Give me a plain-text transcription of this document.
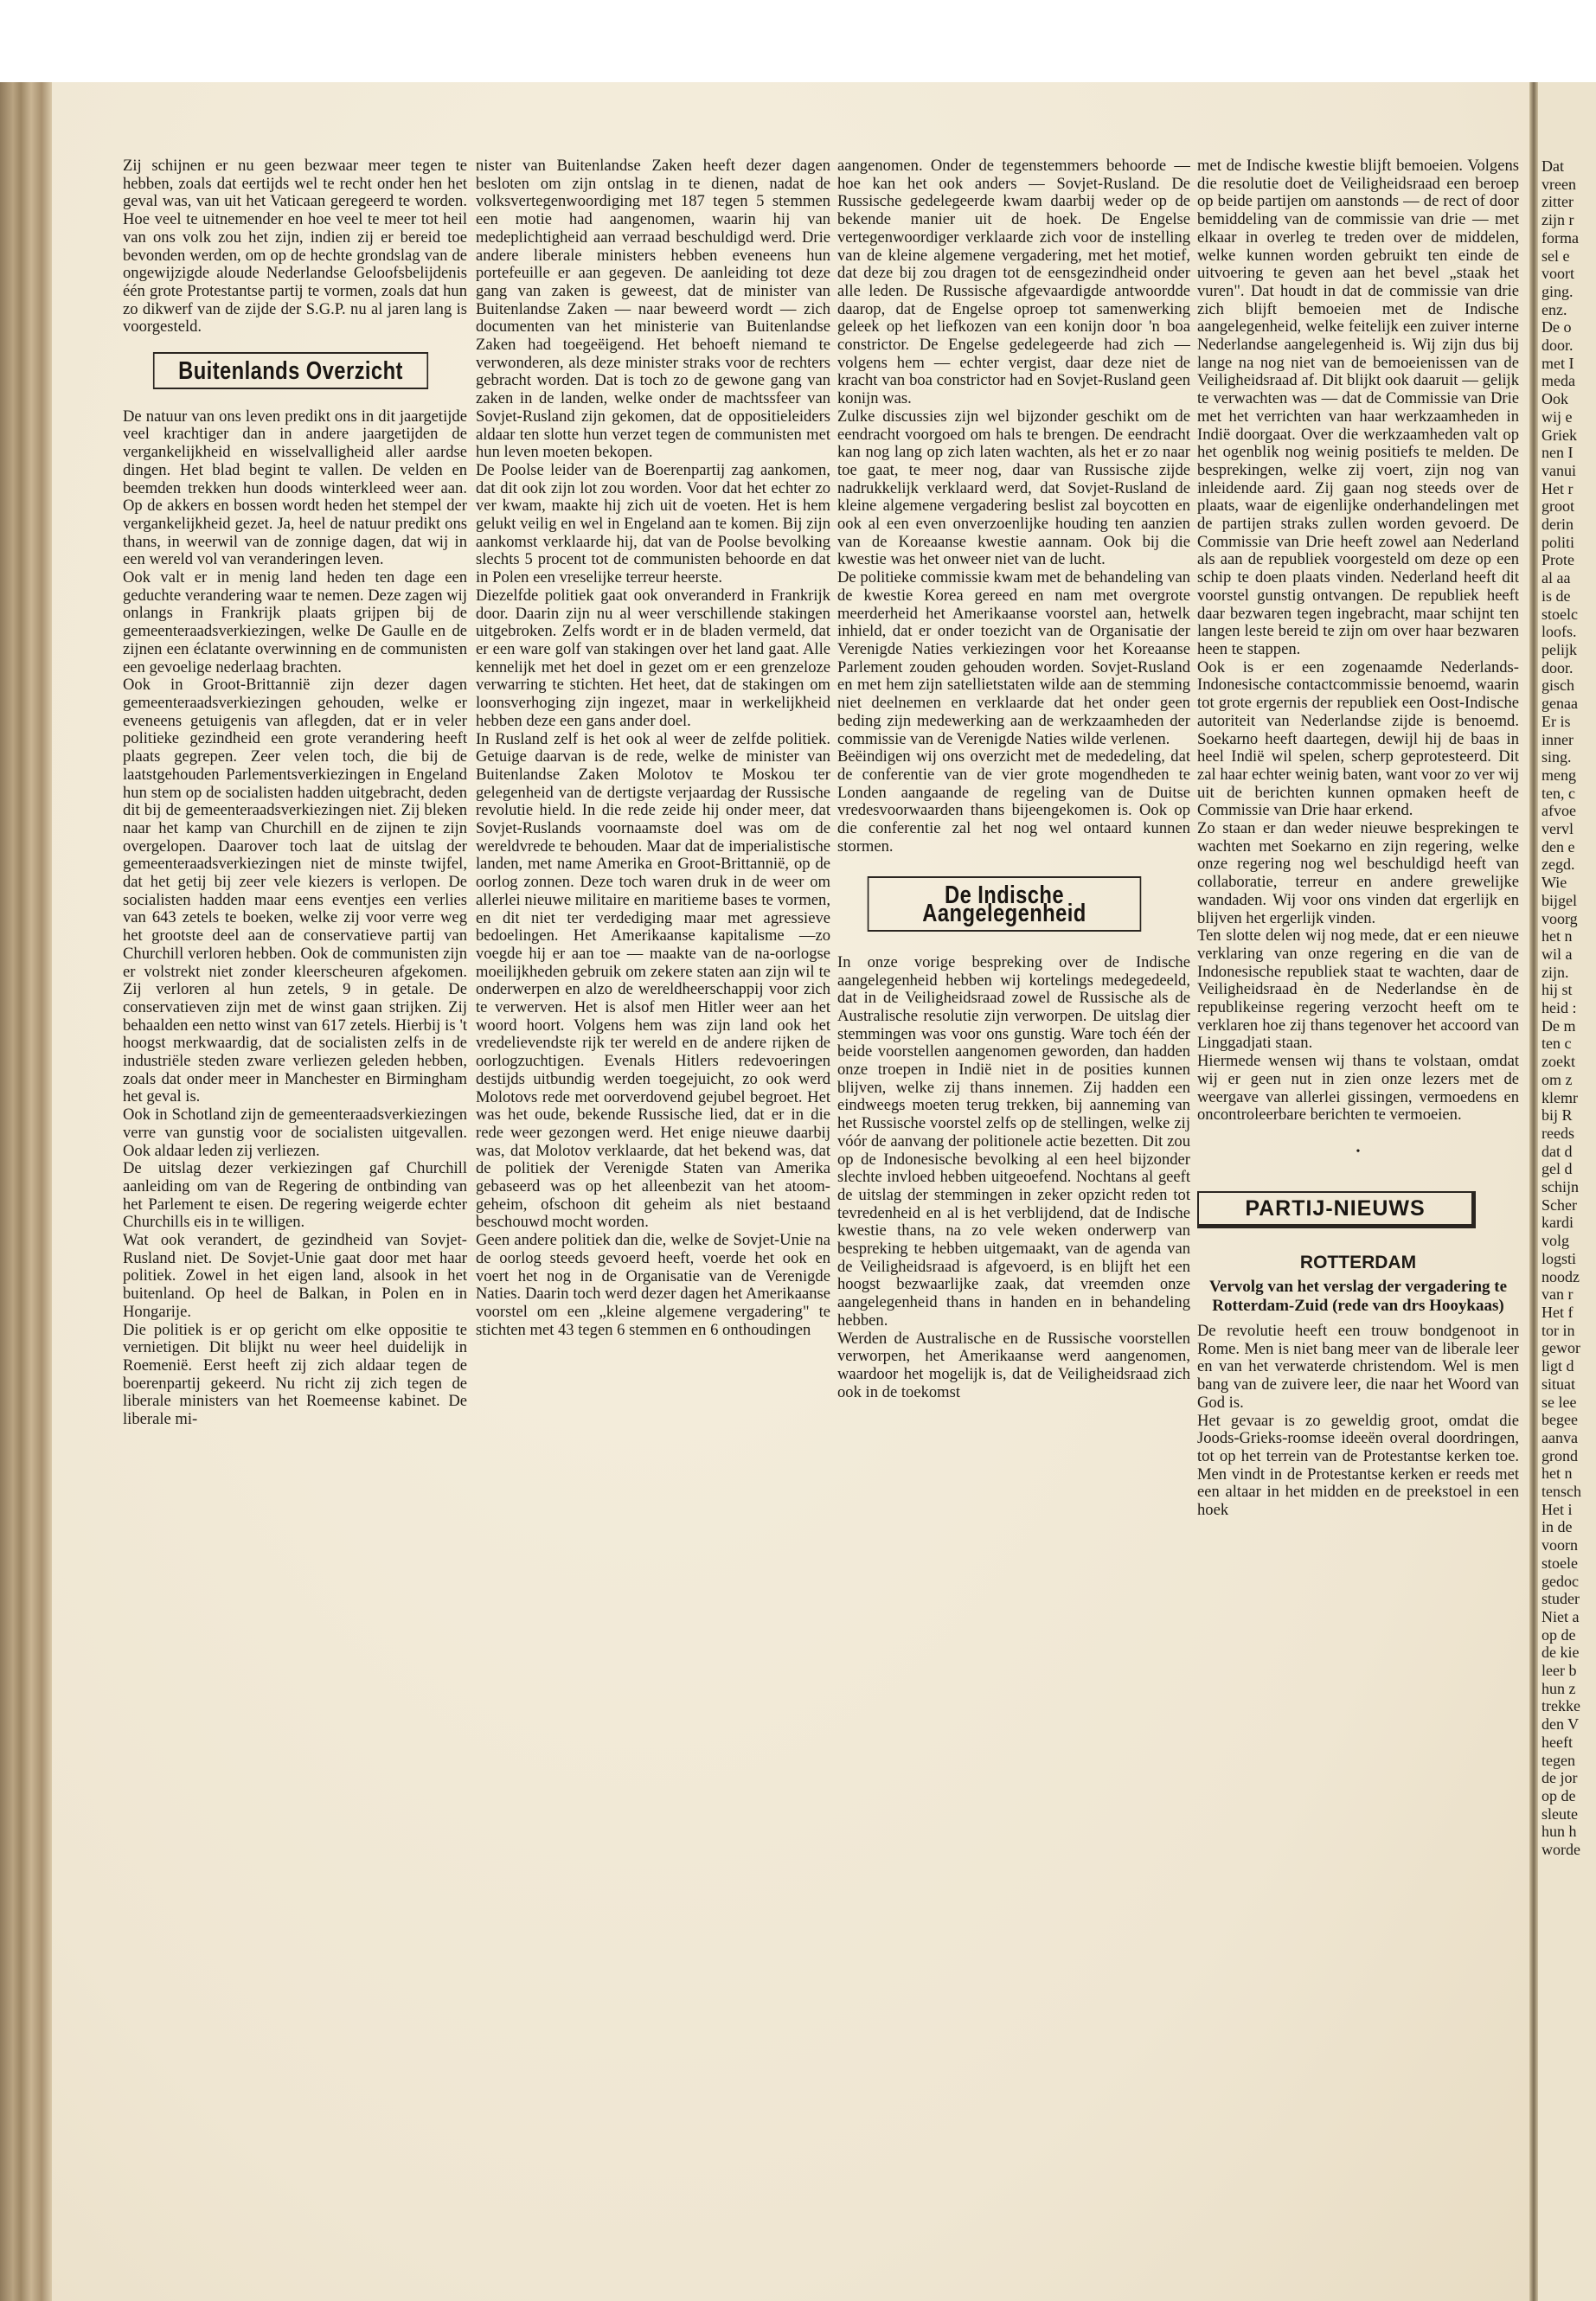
Zij schijnen er nu geen bezwaar meer tegen te hebben, zoals dat eertijds wel te recht onder hen het geval was, van uit het Vaticaan geregeerd te worden. Hoe veel te uitnemender en hoe veel te meer tot heil van ons volk zou het zijn, indien zij er bereid toe bevonden werden, om op de hechte grondslag van de ongewijzigde aloude Nederlandse Geloofsbelijdenis één grote Protestantse partij te vormen, zoals dat hun zo dikwerf van de zijde der S.G.P. nu al jaren lang is voorgesteld.

Buitenlands Overzicht

De natuur van ons leven predikt ons in dit jaargetijde veel krachtiger dan in andere jaargetijden de vergankelijkheid en wisselvalligheid aller aardse dingen. Het blad begint te vallen. De velden en beemden trekken hun doods winterkleed weer aan. Op de akkers en bossen wordt heden het stempel der vergankelijkheid gezet. Ja, heel de natuur predikt ons thans, in weerwil van de zonnige dagen, dat wij in een wereld vol van veranderingen leven.

Ook valt er in menig land heden ten dage een geduchte verandering waar te nemen. Deze zagen wij onlangs in Frankrijk plaats grijpen bij de gemeenteraadsverkiezingen, welke De Gaulle en de zijnen een éclatante overwinning en de communisten een gevoelige nederlaag brachten.

Ook in Groot-Brittannië zijn dezer dagen gemeenteraadsverkiezingen gehouden, welke er eveneens getuigenis van aflegden, dat er in veler politieke gezindheid een grote verandering heeft plaats gegrepen. Zeer velen toch, die bij de laatstgehouden Parlementsverkiezingen in Engeland hun stem op de socialisten hadden uitgebracht, deden dit bij de gemeenteraadsverkiezingen niet. Zij bleken naar het kamp van Churchill en de zijnen te zijn overgelopen. Daarover toch laat de uitslag der gemeenteraadsverkiezingen niet de minste twijfel, dat het getij bij zeer vele kiezers is verlopen. De socialisten hadden maar eens eventjes een verlies van 643 zetels te boeken, welke zij voor verre weg het grootste deel aan de conservatieve partij van Churchill verloren hebben. Ook de communisten zijn er volstrekt niet zonder kleerscheuren afgekomen. Zij verloren al hun zetels, 9 in getale. De conservatieven zijn met de winst gaan strijken. Zij behaalden een netto winst van 617 zetels. Hierbij is 't hoogst merkwaardig, dat de socialisten zelfs in de industriële steden zware verliezen geleden hebben, zoals dat onder meer in Manchester en Birmingham het geval is.

Ook in Schotland zijn de gemeenteraadsverkiezingen verre van gunstig voor de socialisten uitgevallen. Ook aldaar leden zij verliezen.

De uitslag dezer verkiezingen gaf Churchill aanleiding om van de Regering de ontbinding van het Parlement te eisen. De regering weigerde echter Churchills eis in te willigen.

Wat ook verandert, de gezindheid van Sovjet-Rusland niet. De Sovjet-Unie gaat door met haar politiek. Zowel in het eigen land, alsook in het buitenland. Op heel de Balkan, in Polen en in Hongarije.

Die politiek is er op gericht om elke oppositie te vernietigen. Dit blijkt nu weer heel duidelijk in Roemenië. Eerst heeft zij zich aldaar tegen de boerenpartij gekeerd. Nu richt zij zich tegen de liberale ministers van het Roemeense kabinet. De liberale mi-

nister van Buitenlandse Zaken heeft dezer dagen besloten om zijn ontslag in te dienen, nadat de volksvertegenwoordiging met 187 tegen 5 stemmen een motie had aangenomen, waarin hij van medeplichtigheid aan verraad beschuldigd werd. Drie andere liberale ministers hebben eveneens hun portefeuille er aan gegeven. De aanleiding tot deze gang van zaken is geweest, dat de minister van Buitenlandse Zaken — naar beweerd wordt — zich documenten van het ministerie van Buitenlandse Zaken had toegeëigend. Het behoeft niemand te verwonderen, als deze minister straks voor de rechters gebracht worden. Dat is toch zo de gewone gang van zaken in de landen, welke onder de machtssfeer van Sovjet-Rusland zijn gekomen, dat de oppositieleiders aldaar ten slotte hun verzet tegen de communisten met hun leven moeten bekopen.

De Poolse leider van de Boerenpartij zag aankomen, dat dit ook zijn lot zou worden. Voor dat het echter zo ver kwam, maakte hij zich uit de voeten. Het is hem gelukt veilig en wel in Engeland aan te komen. Bij zijn aankomst verklaarde hij, dat van de Poolse bevolking slechts 5 procent tot de communisten behoorde en dat in Polen een vreselijke terreur heerste.

Diezelfde politiek gaat ook onveranderd in Frankrijk door. Daarin zijn nu al weer verschillende stakingen uitgebroken. Zelfs wordt er in de bladen vermeld, dat er een ware golf van stakingen over het land gaat. Alle kennelijk met het doel in gezet om er een grenzeloze verwarring te stichten. Het heet, dat de stakingen om loonsverhoging zijn ingezet, maar in werkelijkheid hebben deze een gans ander doel.

In Rusland zelf is het ook al weer de zelfde politiek. Getuige daarvan is de rede, welke de minister van Buitenlandse Zaken Molotov te Moskou ter gelegenheid van de dertigste verjaardag der Russische revolutie hield. In die rede zeide hij onder meer, dat Sovjet-Ruslands voornaamste doel was om de wereldvrede te behouden. Maar dat de imperialistische landen, met name Amerika en Groot-Brittannië, op de oorlog zonnen. Deze toch waren druk in de weer om allerlei nieuwe militaire en maritieme bases te vormen, en dit niet ter verdediging maar met agressieve bedoelingen. Het Amerikaanse kapitalisme —zo voegde hij er aan toe — maakte van de na-oorlogse moeilijkheden gebruik om zekere staten aan zijn wil te onderwerpen en alzo de wereldheerschappij voor zich te verwerven. Het is alsof men Hitler weer aan het woord hoort. Volgens hem was zijn land ook het vredelievendste rijk ter wereld en de andere rijken de oorlogzuchtigen. Evenals Hitlers redevoeringen destijds uitbundig werden toegejuicht, zo ook werd Molotovs rede met oorverdovend gejubel begroet. Het was het oude, bekende Russische lied, dat er in die rede weer gezongen werd. Het enige nieuwe daarbij was, dat Molotov verklaarde, dat het bekend was, dat de politiek der Verenigde Staten van Amerika gebaseerd was op het alleenbezit van het atoom-geheim, ofschoon dit geheim als niet bestaand beschouwd mocht worden.

Geen andere politiek dan die, welke de Sovjet-Unie na de oorlog steeds gevoerd heeft, voerde het ook en voert het nog in de Organisatie van de Verenigde Naties. Daarin toch werd dezer dagen het Amerikaanse voorstel om een „kleine algemene vergadering" te stichten met 43 tegen 6 stemmen en 6 onthoudingen

aangenomen. Onder de tegenstemmers behoorde — hoe kan het ook anders — Sovjet-Rusland. De Russische gedelegeerde kwam daarbij weder op de bekende manier uit de hoek. De Engelse vertegenwoordiger verklaarde zich voor de instelling van de kleine algemene vergadering, met het motief, dat deze bij zou dragen tot de eensgezindheid onder alle leden. De Russische afgevaardigde antwoordde daarop, dat de Engelse oproep tot samenwerking geleek op het liefkozen van een konijn door 'n boa constrictor. De Engelse gedelegeerde had zich — volgens hem — echter vergist, daar deze niet de kracht van boa constrictor had en Sovjet-Rusland geen konijn was.

Zulke discussies zijn wel bijzonder geschikt om de eendracht voorgoed om hals te brengen. De eendracht kan nog lang op zich laten wachten, als het er zo naar toe gaat, te meer nog, daar van Russische zijde nadrukkelijk verklaard werd, dat Sovjet-Rusland de kleine algemene vergadering beslist zal boycotten en ook al een even onverzoenlijke houding ten aanzien van de Koreaanse kwestie aannam. Ook bij die kwestie was het onweer niet van de lucht.

De politieke commissie kwam met de behandeling van de kwestie Korea gereed en nam met overgrote meerderheid het Amerikaanse voorstel aan, hetwelk inhield, dat er onder toezicht van de Organisatie der Verenigde Naties verkiezingen voor het Koreaanse Parlement zouden gehouden worden. Sovjet-Rusland en met hem zijn satellietstaten wilde aan de stemming niet deelnemen en verklaarde dat het onder geen beding zijn medewerking aan de werkzaamheden der commissie van de Verenigde Naties wilde verlenen.

Beëindigen wij ons overzicht met de mededeling, dat de conferentie van de vier grote mogendheden te Londen aangaande de regeling van de Duitse vredesvoorwaarden thans bijeengekomen is. Ook op die conferentie zal het nog wel ontaard kunnen stormen.

De Indische Aangelegenheid

In onze vorige bespreking over de Indische aangelegenheid hebben wij kortelings medegedeeld, dat in de Veiligheidsraad zowel de Russische als de Australische resolutie zijn verworpen. De uitslag dier stemmingen was voor ons gunstig. Ware toch één der beide voorstellen aangenomen geworden, dan hadden onze troepen in Indië niet in de posities kunnen blijven, welke zij thans innemen. Zij hadden een eindweegs moeten terug trekken, bij aanneming van het Russische voorstel zelfs op de stellingen, welke zij vóór de aanvang der politionele actie bezetten. Dit zou op de Indonesische bevolking al een heel bijzonder slechte invloed hebben uitgeoefend. Nochtans al geeft de uitslag der stemmingen in zeker opzicht reden tot tevredenheid en al is het verblijdend, dat de Indische kwestie thans, na zo vele weken onderwerp van bespreking te hebben uitgemaakt, van de agenda van de Veiligheidsraad is afgevoerd, is en blijft het een hoogst bezwaarlijke zaak, dat vreemden onze aangelegenheid thans in handen en in behandeling hebben.

Werden de Australische en de Russische voorstellen verworpen, het Amerikaanse werd aangenomen, waardoor het mogelijk is, dat de Veiligheidsraad zich ook in de toekomst

met de Indische kwestie blijft bemoeien. Volgens die resolutie doet de Veiligheidsraad een beroep op beide partijen om aanstonds — de rect of door bemiddeling van de commissie van drie — met elkaar in overleg te treden over de middelen, welke kunnen worden gebruikt ten einde de uitvoering te geven aan het bevel „staak het vuren". Dat houdt in dat de commissie van drie zich blijft bemoeien met de Indische aangelegenheid, welke feitelijk een zuiver interne Nederlandse aangelegenheid is. Wij zijn dus bij lange na nog niet van de bemoeienissen van de Veiligheidsraad af. Dit blijkt ook daaruit — gelijk te verwachten was — dat de Commissie van Drie met het verrichten van haar werkzaamheden in Indië doorgaat. Over die werkzaamheden valt op het ogenblik nog weinig positiefs te melden. De besprekingen, welke zij voert, zijn nog van inleidende aard. Zij gaan nog steeds over de plaats, waar de eigenlijke onderhandelingen met de partijen straks zullen worden gevoerd. De Commissie van Drie heeft zowel aan Nederland als aan de republiek voorgesteld om deze op een schip te doen plaats vinden. Nederland heeft dit voorstel gunstig ontvangen. De republiek heeft daar bezwaren tegen ingebracht, maar schijnt ten langen leste bereid te zijn om over haar bezwaren heen te stappen.

Ook is er een zogenaamde Nederlands-Indonesische contactcommissie benoemd, waarin tot grote ergernis der republiek een Oost-Indische autoriteit van Nederlandse zijde is benoemd. Soekarno heeft daartegen, dewijl hij de baas in heel Indië wil spelen, scherp geprotesteerd. Dit zal haar echter weinig baten, want voor zo ver wij uit de berichten kunnen opmaken heeft de Commissie van Drie haar erkend.

Zo staan er dan weder nieuwe besprekingen te wachten met Soekarno en zijn regering, welke onze regering nog wel beschuldigd heeft van collaboratie, terreur en andere grewelijke wandaden. Wij voor ons vinden dat ergerlijk en blijven het ergerlijk vinden.

Ten slotte delen wij nog mede, dat er een nieuwe verklaring van onze regering en die van de Indonesische republiek staat te wachten, daar de Veiligheidsraad èn de Nederlandse èn de republikeinse regering verzocht heeft om te verklaren hoe zij thans tegenover het accoord van Linggadjati staan.

Hiermede wensen wij thans te volstaan, omdat wij er geen nut in zien onze lezers met de weergave van allerlei gissingen, vermoedens en oncontroleerbare berichten te vermoeien.

•
PARTIJ-NIEUWS
ROTTERDAM
Vervolg van het verslag der vergadering te Rotterdam-Zuid (rede van drs Hooykaas)

De revolutie heeft een trouw bondgenoot in Rome. Men is niet bang meer van de liberale leer en van het verwaterde christendom. Wel is men bang van de zuivere leer, die naar het Woord van God is.

Het gevaar is zo geweldig groot, omdat die Joods-Grieks-roomse ideeën overal doordringen, tot op het terrein van de Protestantse kerken toe. Men vindt in de Protestantse kerken er reeds met een altaar in het midden en de preekstoel in een hoek

Dat
vreen
zitter
zijn r
forma
sel e
voort
ging.
enz.
De o
door.
met I
meda
Ook
wij e
Griek
nen I
vanui
Het r
groot
derin
politi
Prote
al aa
is de
stoelc
loofs.
pelijk
door.
gisch
genaa
Er is
inner
sing.
meng
ten, c
afvoe
vervl
den e
zegd.
Wie
bijgel
voorg
het n
wil a
zijn.
hij st
heid :
De m
ten c
zoekt
om z
klemr
bij R
reeds
dat d
gel d
schijn
Scher
kardi
volg
logsti
noodz
van r
Het f
tor in
gewor
ligt d
situat
se lee
begee
aanva
grond
het n
tensch
Het i
in de
voorn
stoele
gedoc
studer
Niet a
op de
de kie
leer b
hun z
trekke
den V
heeft
tegen
de jor
op de
sleute
hun h
worde
